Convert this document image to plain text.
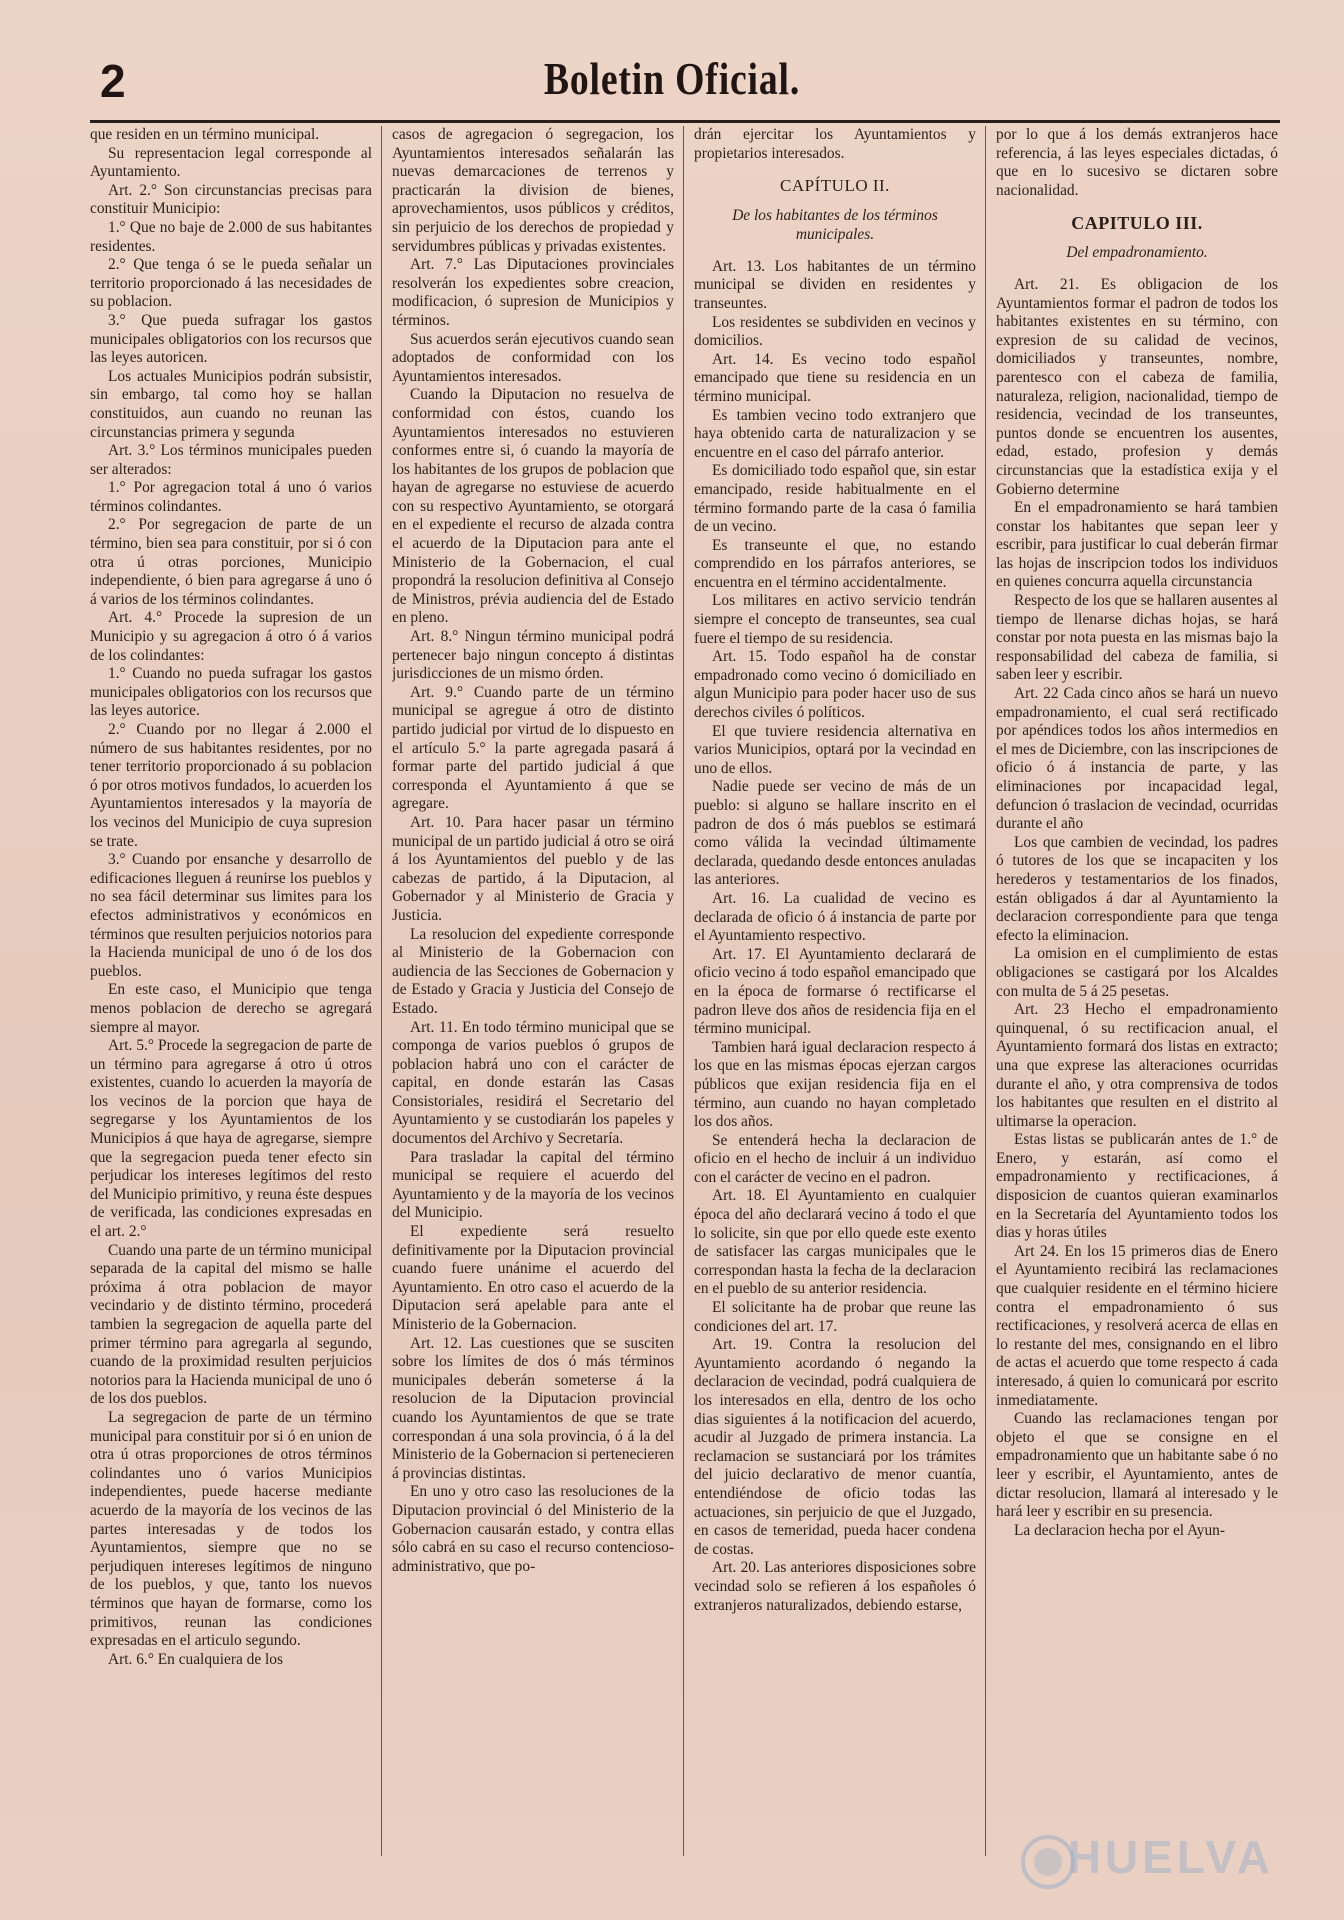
2	Boletin Oficial.

que residen en un término municipal.

Su representacion legal corresponde al Ayuntamiento.

Art. 2.° Son circunstancias precisas para constituir Municipio:

1.° Que no baje de 2.000 de sus habitantes residentes.

2.° Que tenga ó se le pueda señalar un territorio proporcionado á las necesidades de su poblacion.

3.° Que pueda sufragar los gastos municipales obligatorios con los recursos que las leyes autoricen.

Los actuales Municipios podrán subsistir, sin embargo, tal como hoy se hallan constituidos, aun cuando no reunan las circunstancias primera y segunda

Art. 3.° Los términos municipales pueden ser alterados:

1.° Por agregacion total á uno ó varios términos colindantes.

2.° Por segregacion de parte de un término, bien sea para constituir, por si ó con otra ú otras porciones, Municipio independiente, ó bien para agregarse á uno ó á varios de los términos colindantes.

Art. 4.° Procede la supresion de un Municipio y su agregacion á otro ó á varios de los colindantes:

1.° Cuando no pueda sufragar los gastos municipales obligatorios con los recursos que las leyes autorice.

2.° Cuando por no llegar á 2.000 el número de sus habitantes residentes, por no tener territorio proporcionado á su poblacion ó por otros motivos fundados, lo acuerden los Ayuntamientos interesados y la mayoría de los vecinos del Municipio de cuya supresion se trate.

3.° Cuando por ensanche y desarrollo de edificaciones lleguen á reunirse los pueblos y no sea fácil determinar sus limites para los efectos administrativos y económicos en términos que resulten perjuicios notorios para la Hacienda municipal de uno ó de los dos pueblos.

En este caso, el Municipio que tenga menos poblacion de derecho se agregará siempre al mayor.

Art. 5.° Procede la segregacion de parte de un término para agregarse á otro ú otros existentes, cuando lo acuerden la mayoría de los vecinos de la porcion que haya de segregarse y los Ayuntamientos de los Municipios á que haya de agregarse, siempre que la segregacion pueda tener efecto sin perjudicar los intereses legítimos del resto del Municipio primitivo, y reuna éste despues de verificada, las condiciones expresadas en el art. 2.°

Cuando una parte de un término municipal separada de la capital del mismo se halle próxima á otra poblacion de mayor vecindario y de distinto término, procederá tambien la segregacion de aquella parte del primer término para agregarla al segundo, cuando de la proximidad resulten perjuicios notorios para la Hacienda municipal de uno ó de los dos pueblos.

La segregacion de parte de un término municipal para constituir por si ó en union de otra ú otras proporciones de otros términos colindantes uno ó varios Municipios independientes, puede hacerse mediante acuerdo de la mayoría de los vecinos de las partes interesadas y de todos los Ayuntamientos, siempre que no se perjudiquen intereses legítimos de ninguno de los pueblos, y que, tanto los nuevos términos que hayan de formarse, como los primitivos, reunan las condiciones expresadas en el articulo segundo.

Art. 6.° En cualquiera de los

casos de agregacion ó segregacion, los Ayuntamientos interesados señalarán las nuevas demarcaciones de terrenos y practicarán la division de bienes, aprovechamientos, usos públicos y créditos, sin perjuicio de los derechos de propiedad y servidumbres públicas y privadas existentes.

Art. 7.° Las Diputaciones provinciales resolverán los expedientes sobre creacion, modificacion, ó supresion de Municipios y términos.

Sus acuerdos serán ejecutivos cuando sean adoptados de conformidad con los Ayuntamientos interesados.

Cuando la Diputacion no resuelva de conformidad con éstos, cuando los Ayuntamientos interesados no estuvieren conformes entre si, ó cuando la mayoría de los habitantes de los grupos de poblacion que hayan de agregarse no estuviese de acuerdo con su respectivo Ayuntamiento, se otorgará en el expediente el recurso de alzada contra el acuerdo de la Diputacion para ante el Ministerio de la Gobernacion, el cual propondrá la resolucion definitiva al Consejo de Ministros, prévia audiencia del de Estado en pleno.

Art. 8.° Ningun término municipal podrá pertenecer bajo ningun concepto á distintas jurisdicciones de un mismo órden.

Art. 9.° Cuando parte de un término municipal se agregue á otro de distinto partido judicial por virtud de lo dispuesto en el artículo 5.° la parte agregada pasará á formar parte del partido judicial á que corresponda el Ayuntamiento á que se agregare.

Art. 10. Para hacer pasar un término municipal de un partido judicial á otro se oirá á los Ayuntamientos del pueblo y de las cabezas de partido, á la Diputacion, al Gobernador y al Ministerio de Gracia y Justicia.

La resolucion del expediente corresponde al Ministerio de la Gobernacion con audiencia de las Secciones de Gobernacion y de Estado y Gracia y Justicia del Consejo de Estado.

Art. 11. En todo término municipal que se componga de varios pueblos ó grupos de poblacion habrá uno con el carácter de capital, en donde estarán las Casas Consistoriales, residirá el Secretario del Ayuntamiento y se custodiarán los papeles y documentos del Archivo y Secretaría.

Para trasladar la capital del término municipal se requiere el acuerdo del Ayuntamiento y de la mayoría de los vecinos del Municipio.

El expediente será resuelto definitivamente por la Diputacion provincial cuando fuere unánime el acuerdo del Ayuntamiento. En otro caso el acuerdo de la Diputacion será apelable para ante el Ministerio de la Gobernacion.

Art. 12. Las cuestiones que se susciten sobre los límites de dos ó más términos municipales deberán someterse á la resolucion de la Diputacion provincial cuando los Ayuntamientos de que se trate correspondan á una sola provincia, ó á la del Ministerio de la Gobernacion si pertenecieren á provincias distintas.

En uno y otro caso las resoluciones de la Diputacion provincial ó del Ministerio de la Gobernacion causarán estado, y contra ellas sólo cabrá en su caso el recurso contencioso-administrativo, que po-

drán ejercitar los Ayuntamientos y propietarios interesados.

CAPÍTULO II.
De los habitantes de los términos municipales.

Art. 13. Los habitantes de un término municipal se dividen en residentes y transeuntes.

Los residentes se subdividen en vecinos y domicilios.

Art. 14. Es vecino todo español emancipado que tiene su residencia en un término municipal.

Es tambien vecino todo extranjero que haya obtenido carta de naturalizacion y se encuentre en el caso del párrafo anterior.

Es domiciliado todo español que, sin estar emancipado, reside habitualmente en el término formando parte de la casa ó familia de un vecino.

Es transeunte el que, no estando comprendido en los párrafos anteriores, se encuentra en el término accidentalmente.

Los militares en activo servicio tendrán siempre el concepto de transeuntes, sea cual fuere el tiempo de su residencia.

Art. 15. Todo español ha de constar empadronado como vecino ó domiciliado en algun Municipio para poder hacer uso de sus derechos civiles ó políticos.

El que tuviere residencia alternativa en varios Municipios, optará por la vecindad en uno de ellos.

Nadie puede ser vecino de más de un pueblo: si alguno se hallare inscrito en el padron de dos ó más pueblos se estimará como válida la vecindad últimamente declarada, quedando desde entonces anuladas las anteriores.

Art. 16. La cualidad de vecino es declarada de oficio ó á instancia de parte por el Ayuntamiento respectivo.

Art. 17. El Ayuntamiento declarará de oficio vecino á todo español emancipado que en la época de formarse ó rectificarse el padron lleve dos años de residencia fija en el término municipal.

Tambien hará igual declaracion respecto á los que en las mismas épocas ejerzan cargos públicos que exijan residencia fija en el término, aun cuando no hayan completado los dos años.

Se entenderá hecha la declaracion de oficio en el hecho de incluir á un individuo con el carácter de vecino en el padron.

Art. 18. El Ayuntamiento en cualquier época del año declarará vecino á todo el que lo solicite, sin que por ello quede este exento de satisfacer las cargas municipales que le correspondan hasta la fecha de la declaracion en el pueblo de su anterior residencia.

El solicitante ha de probar que reune las condiciones del art. 17.

Art. 19. Contra la resolucion del Ayuntamiento acordando ó negando la declaracion de vecindad, podrá cualquiera de los interesados en ella, dentro de los ocho dias siguientes á la notificacion del acuerdo, acudir al Juzgado de primera instancia. La reclamacion se sustanciará por los trámites del juicio declarativo de menor cuantía, entendiéndose de oficio todas las actuaciones, sin perjuicio de que el Juzgado, en casos de temeridad, pueda hacer condena de costas.

Art. 20. Las anteriores disposiciones sobre vecindad solo se refieren á los españoles ó extranjeros naturalizados, debiendo estarse,

por lo que á los demás extranjeros hace referencia, á las leyes especiales dictadas, ó que en lo sucesivo se dictaren sobre nacionalidad.

CAPITULO III.
Del empadronamiento.

Art. 21. Es obligacion de los Ayuntamientos formar el padron de todos los habitantes existentes en su término, con expresion de su calidad de vecinos, domiciliados y transeuntes, nombre, parentesco con el cabeza de familia, naturaleza, religion, nacionalidad, tiempo de residencia, vecindad de los transeuntes, puntos donde se encuentren los ausentes, edad, estado, profesion y demás circunstancias que la estadística exija y el Gobierno determine

En el empadronamiento se hará tambien constar los habitantes que sepan leer y escribir, para justificar lo cual deberán firmar las hojas de inscripcion todos los individuos en quienes concurra aquella circunstancia

Respecto de los que se hallaren ausentes al tiempo de llenarse dichas hojas, se hará constar por nota puesta en las mismas bajo la responsabilidad del cabeza de familia, si saben leer y escribir.

Art. 22 Cada cinco años se hará un nuevo empadronamiento, el cual será rectificado por apéndices todos los años intermedios en el mes de Diciembre, con las inscripciones de oficio ó á instancia de parte, y las eliminaciones por incapacidad legal, defuncion ó traslacion de vecindad, ocurridas durante el año

Los que cambien de vecindad, los padres ó tutores de los que se incapaciten y los herederos y testamentarios de los finados, están obligados á dar al Ayuntamiento la declaracion correspondiente para que tenga efecto la eliminacion.

La omision en el cumplimiento de estas obligaciones se castigará por los Alcaldes con multa de 5 á 25 pesetas.

Art. 23 Hecho el empadronamiento quinquenal, ó su rectificacion anual, el Ayuntamiento formará dos listas en extracto; una que exprese las alteraciones ocurridas durante el año, y otra comprensiva de todos los habitantes que resulten en el distrito al ultimarse la operacion.

Estas listas se publicarán antes de 1.° de Enero, y estarán, así como el empadronamiento y rectificaciones, á disposicion de cuantos quieran examinarlos en la Secretaría del Ayuntamiento todos los dias y horas útiles

Art 24. En los 15 primeros dias de Enero el Ayuntamiento recibirá las reclamaciones que cualquier residente en el término hiciere contra el empadronamiento ó sus rectificaciones, y resolverá acerca de ellas en lo restante del mes, consignando en el libro de actas el acuerdo que tome respecto á cada interesado, á quien lo comunicará por escrito inmediatamente.

Cuando las reclamaciones tengan por objeto el que se consigne en el empadronamiento que un habitante sabe ó no leer y escribir, el Ayuntamiento, antes de dictar resolucion, llamará al interesado y le hará leer y escribir en su presencia.

La declaracion hecha por el Ayun-

HUELVA
